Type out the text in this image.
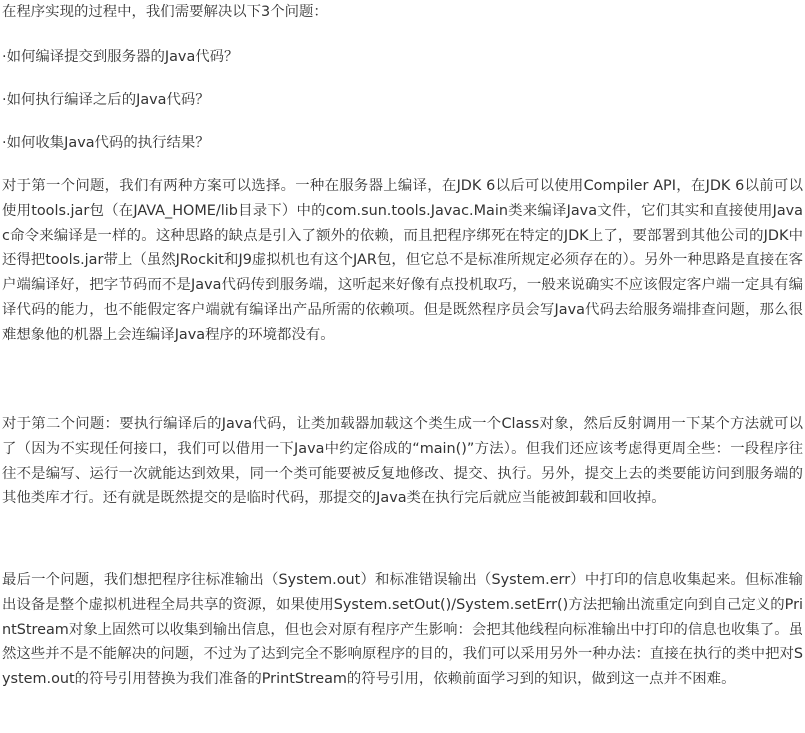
在程序实现的过程中，我们需要解决以下3个问题：

·如何编译提交到服务器的Java代码？

·如何执行编译之后的Java代码？

·如何收集Java代码的执行结果？

对于第一个问题，我们有两种方案可以选择。一种在服务器上编译，在JDK 6以后可以使用Compiler API，在JDK 6以前可以使用tools.jar包（在JAVA_HOME/lib目录下）中的com.sun.tools.Javac.Main类来编译Java文件，它们其实和直接使用Javac命令来编译是一样的。这种思路的缺点是引入了额外的依赖，而且把程序绑死在特定的JDK上了，要部署到其他公司的JDK中还得把tools.jar带上（虽然JRockit和J9虚拟机也有这个JAR包，但它总不是标准所规定必须存在的）。另外一种思路是直接在客户端编译好，把字节码而不是Java代码传到服务端，这听起来好像有点投机取巧，一般来说确实不应该假定客户端一定具有编译代码的能力，也不能假定客户端就有编译出产品所需的依赖项。但是既然程序员会写Java代码去给服务端排查问题，那么很难想象他的机器上会连编译Java程序的环境都没有。

对于第二个问题：要执行编译后的Java代码，让类加载器加载这个类生成一个Class对象，然后反射调用一下某个方法就可以了（因为不实现任何接口，我们可以借用一下Java中约定俗成的“main()”方法）。但我们还应该考虑得更周全些：一段程序往往不是编写、运行一次就能达到效果，同一个类可能要被反复地修改、提交、执行。另外，提交上去的类要能访问到服务端的其他类库才行。还有就是既然提交的是临时代码，那提交的Java类在执行完后就应当能被卸载和回收掉。

最后一个问题，我们想把程序往标准输出（System.out）和标准错误输出（System.err）中打印的信息收集起来。但标准输出设备是整个虚拟机进程全局共享的资源，如果使用System.setOut()/System.setErr()方法把输出流重定向到自己定义的PrintStream对象上固然可以收集到输出信息，但也会对原有程序产生影响：会把其他线程向标准输出中打印的信息也收集了。虽然这些并不是不能解决的问题，不过为了达到完全不影响原程序的目的，我们可以采用另外一种办法：直接在执行的类中把对System.out的符号引用替换为我们准备的PrintStream的符号引用，依赖前面学习到的知识，做到这一点并不困难。
